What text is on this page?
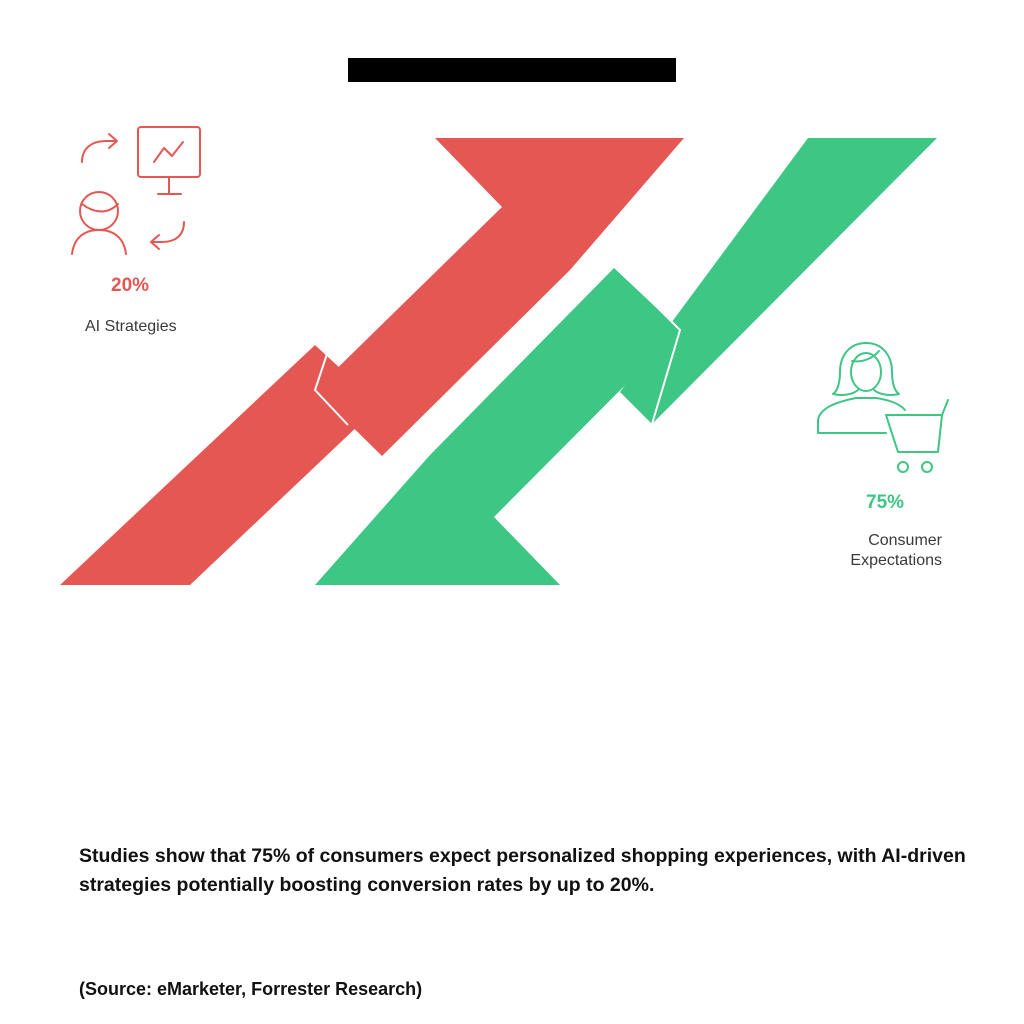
20%
AI Strategies
75%
Consumer
Expectations
Studies show that 75% of consumers expect personalized shopping experiences, with AI-driven strategies potentially boosting conversion rates by up to 20%.
(Source: eMarketer, Forrester Research)
